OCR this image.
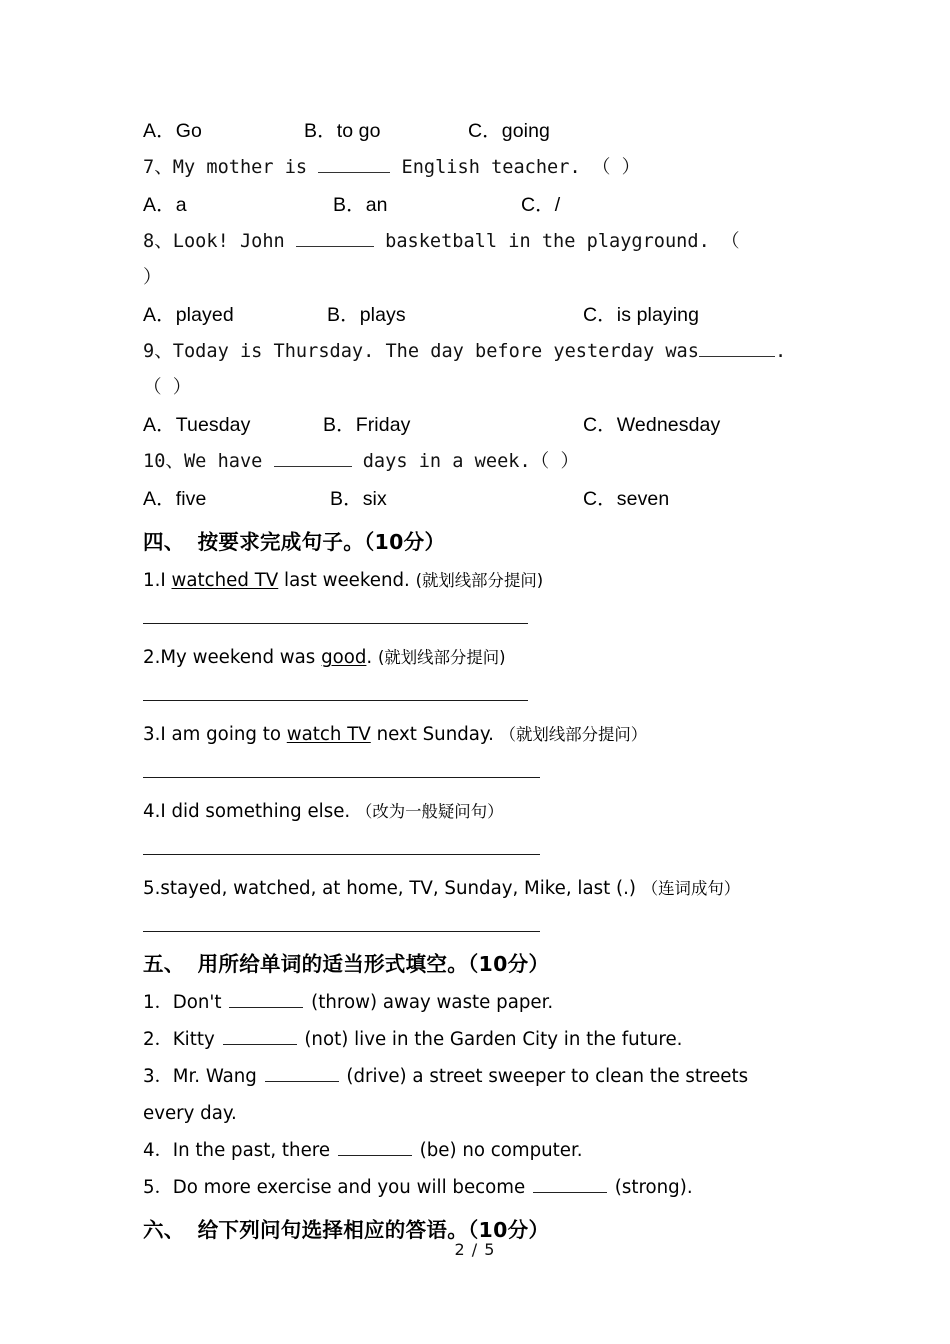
A．Go	B．to go	C．going
7、My mother is	English teacher. （ ）
A．a	B．an	C．/
8、Look! John	basketball in the playground. （
）
A．played	B．plays	C．is playing
9、Today is Thursday. The day before yesterday was	.
（ ）
A．Tuesday	B．Friday	C．Wednesday
10、We have	days in a week.（ ）
A．five	B．six	C．seven
四、 按要求完成句子。（10分）
1.I watched TV last weekend. (就划线部分提问)
2.My weekend was good. (就划线部分提问)
3.I am going to watch TV next Sunday. （就划线部分提问）
4.I did something else. （改为一般疑问句）
5.stayed, watched, at home, TV, Sunday, Mike, last (.) （连词成句）
五、 用所给单词的适当形式填空。（10分）
1．Don't	(throw) away waste paper.
2．Kitty	(not) live in the Garden City in the future.
3．Mr. Wang	(drive) a street sweeper to clean the streets
every day.
4．In the past, there	(be) no computer.
5．Do more exercise and you will become	(strong).
六、 给下列问句选择相应的答语。（10分）
2 / 5
